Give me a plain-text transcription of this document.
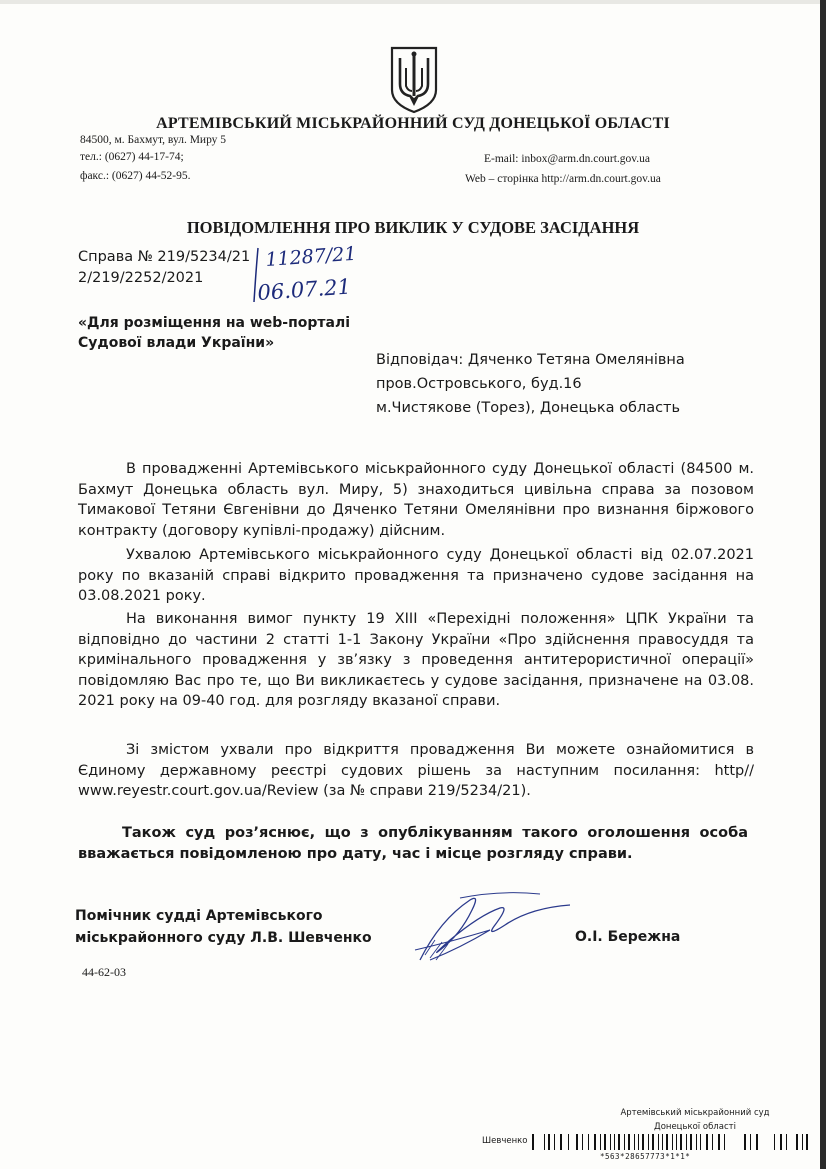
АРТЕМІВСЬКИЙ МІСЬКРАЙОННИЙ СУД ДОНЕЦЬКОЇ ОБЛАСТІ
84500, м. Бахмут, вул. Миру 5
тел.: (0627) 44-17-74;
факс.: (0627) 44-52-95.
E-mail: inbox@arm.dn.court.gov.ua
Web – сторінка http://arm.dn.court.gov.ua
ПОВІДОМЛЕННЯ ПРО ВИКЛИК У СУДОВЕ ЗАСІДАННЯ
Справа № 219/5234/21
2/219/2252/2021
11287/21
06.07.21
«Для розміщення на web-порталі
Судової влади України»
Відповідач: Дяченко Тетяна Омелянівна
пров.Островського, буд.16
м.Чистякове (Торез), Донецька область
В провадженні Артемівського міськрайонного суду Донецької області (84500 м. Бахмут Донецька область вул. Миру, 5) знаходиться цивільна справа за позовом Тимакової Тетяни Євгенівни до Дяченко Тетяни Омелянівни про визнання біржового контракту (договору купівлі-продажу) дійсним.
Ухвалою Артемівського міськрайонного суду Донецької області від 02.07.2021 року по вказаній справі відкрито провадження та призначено судове засідання на 03.08.2021 року.
На виконання вимог пункту 19 ХІІІ «Перехідні положення» ЦПК України та відповідно до частини 2 статті 1-1 Закону України «Про здійснення правосуддя та кримінального провадження у зв’язку з проведення антитерористичної операції» повідомляю Вас про те, що Ви викликаєтесь у судове засідання, призначене на 03.08. 2021 року на 09-40 год. для розгляду вказаної справи.
Зі змістом ухвали про відкриття провадження Ви можете ознайомитися в Єдиному державному реєстрі судових рішень за наступним посилання: http// www.reyestr.court.gov.ua/Review (за № справи 219/5234/21).
Також суд роз’яснює, що з опублікуванням такого оголошення особа вважається повідомленою про дату, час і місце розгляду справи.
Помічник судді Артемівського
міськрайонного суду Л.В. Шевченко	О.І. Бережна
44-62-03
Артемівський міськрайонний суд
Донецької області
Шевченко
*563*28657773*1*1*
